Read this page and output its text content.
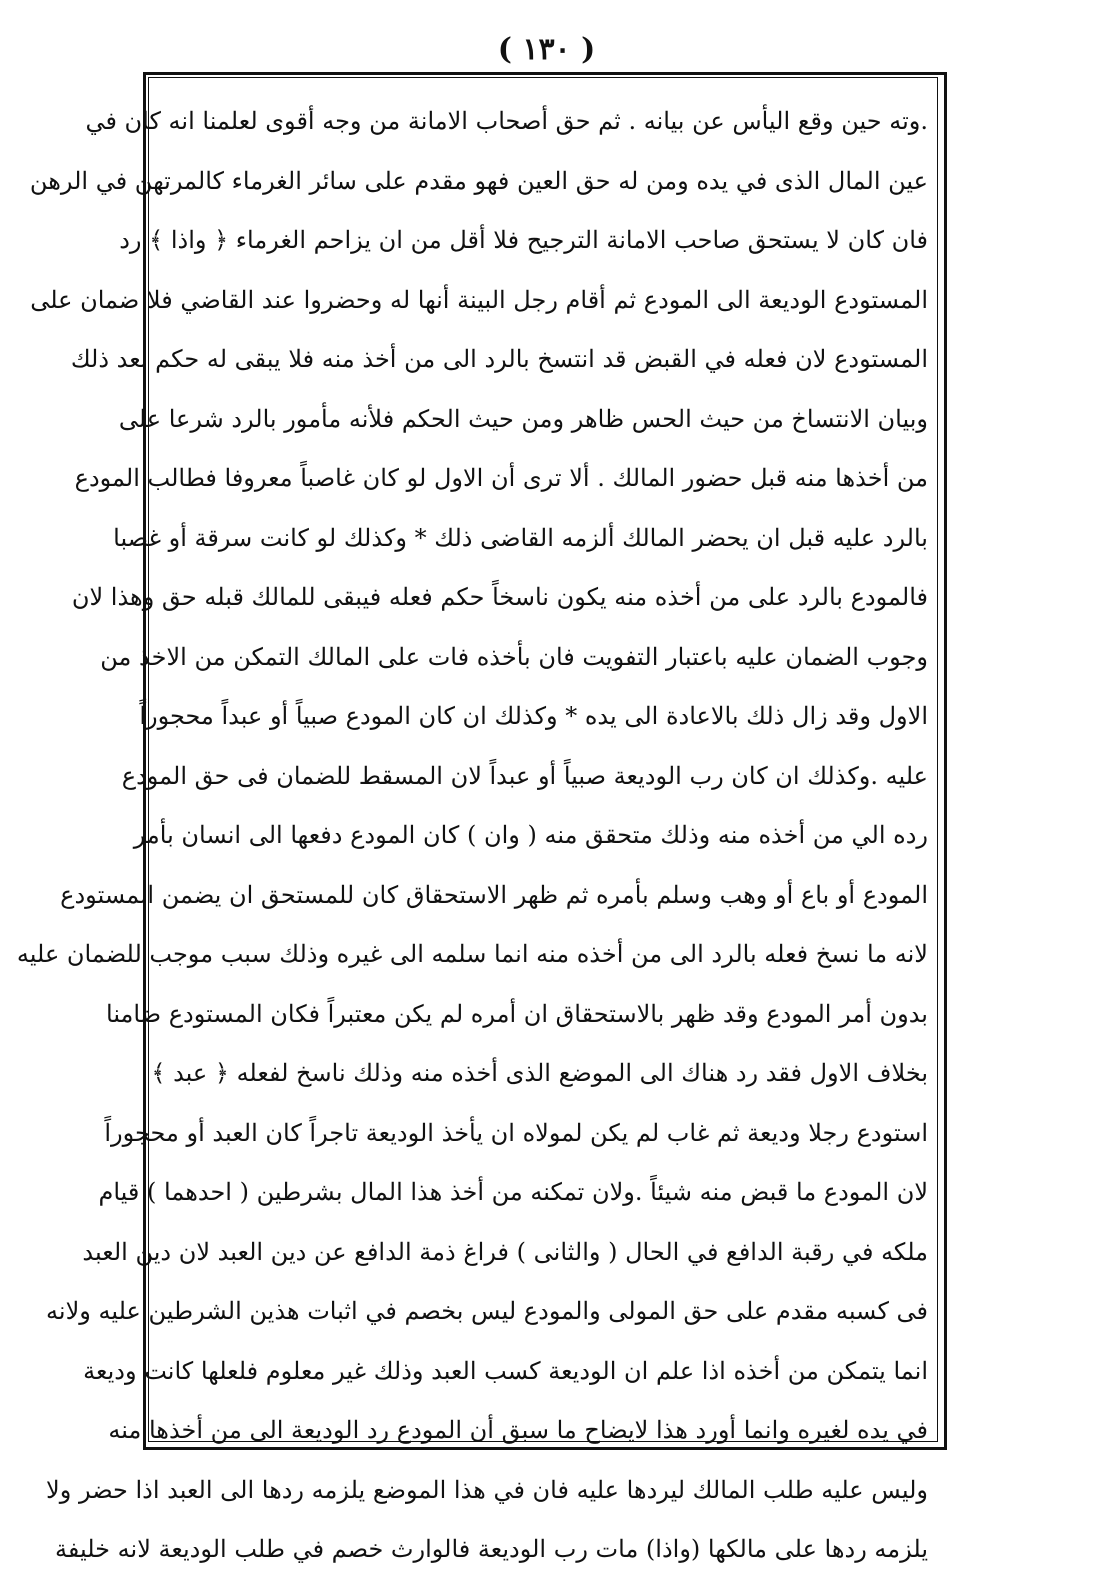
( ١٣٠ )
.وته حين وقع اليأس عن بيانه . ثم حق أصحاب الامانة من وجه أقوى لعلمنا انه كان في
عين المال الذى في يده ومن له حق العين فهو مقدم على سائر الغرماء كالمرتهن في الرهن
فان كان لا يستحق صاحب الامانة الترجيح فلا أقل من ان يزاحم الغرماء ﴿ واذا ﴾ رد
المستودع الوديعة الى المودع ثم أقام رجل البينة أنها له وحضروا عند القاضي فلا ضمان على
المستودع لان فعله في القبض قد انتسخ بالرد الى من أخذ منه فلا يبقى له حكم بعد ذلك
وبيان الانتساخ من حيث الحس ظاهر ومن حيث الحكم فلأنه مأمور بالرد شرعا على
من أخذها منه قبل حضور المالك . ألا ترى أن الاول لو كان غاصباً معروفا فطالب المودع
بالرد عليه قبل ان يحضر المالك ألزمه القاضى ذلك * وكذلك لو كانت سرقة أو غصبا
فالمودع بالرد على من أخذه منه يكون ناسخاً حكم فعله فيبقى للمالك قبله حق وهذا لان
وجوب الضمان عليه باعتبار التفويت فان بأخذه فات على المالك التمكن من الاخذ من
الاول وقد زال ذلك بالاعادة الى يده * وكذلك ان كان المودع صبياً أو عبداً محجوراً
عليه .وكذلك ان كان رب الوديعة صبياً أو عبداً لان المسقط للضمان فى حق المودع
رده الي من أخذه منه وذلك متحقق منه ( وان ) كان المودع دفعها الى انسان بأمر
المودع أو باع أو وهب وسلم بأمره ثم ظهر الاستحقاق كان للمستحق ان يضمن المستودع
لانه ما نسخ فعله بالرد الى من أخذه منه انما سلمه الى غيره وذلك سبب موجب للضمان عليه
بدون أمر المودع وقد ظهر بالاستحقاق ان أمره لم يكن معتبراً فكان المستودع ضامنا
بخلاف الاول فقد رد هناك الى الموضع الذى أخذه منه وذلك ناسخ لفعله ﴿ عبد ﴾
استودع رجلا وديعة ثم غاب لم يكن لمولاه ان يأخذ الوديعة تاجراً كان العبد أو محجوراً
لان المودع ما قبض منه شيئاً .ولان تمكنه من أخذ هذا المال بشرطين ( احدهما ) قيام
ملكه في رقبة الدافع في الحال ( والثانى ) فراغ ذمة الدافع عن دين العبد لان دين العبد
فى كسبه مقدم على حق المولى والمودع ليس بخصم في اثبات هذين الشرطين عليه ولانه
انما يتمكن من أخذه اذا علم ان الوديعة كسب العبد وذلك غير معلوم فلعلها كانت وديعة
في يده لغيره وانما أورد هذا لايضاح ما سبق أن المودع رد الوديعة الى من أخذها منه
وليس عليه طلب المالك ليردها عليه فان في هذا الموضع يلزمه ردها الى العبد اذا حضر ولا
يلزمه ردها على مالكها (واذا) مات رب الوديعة فالوارث خصم في طلب الوديعة لانه خليفة
